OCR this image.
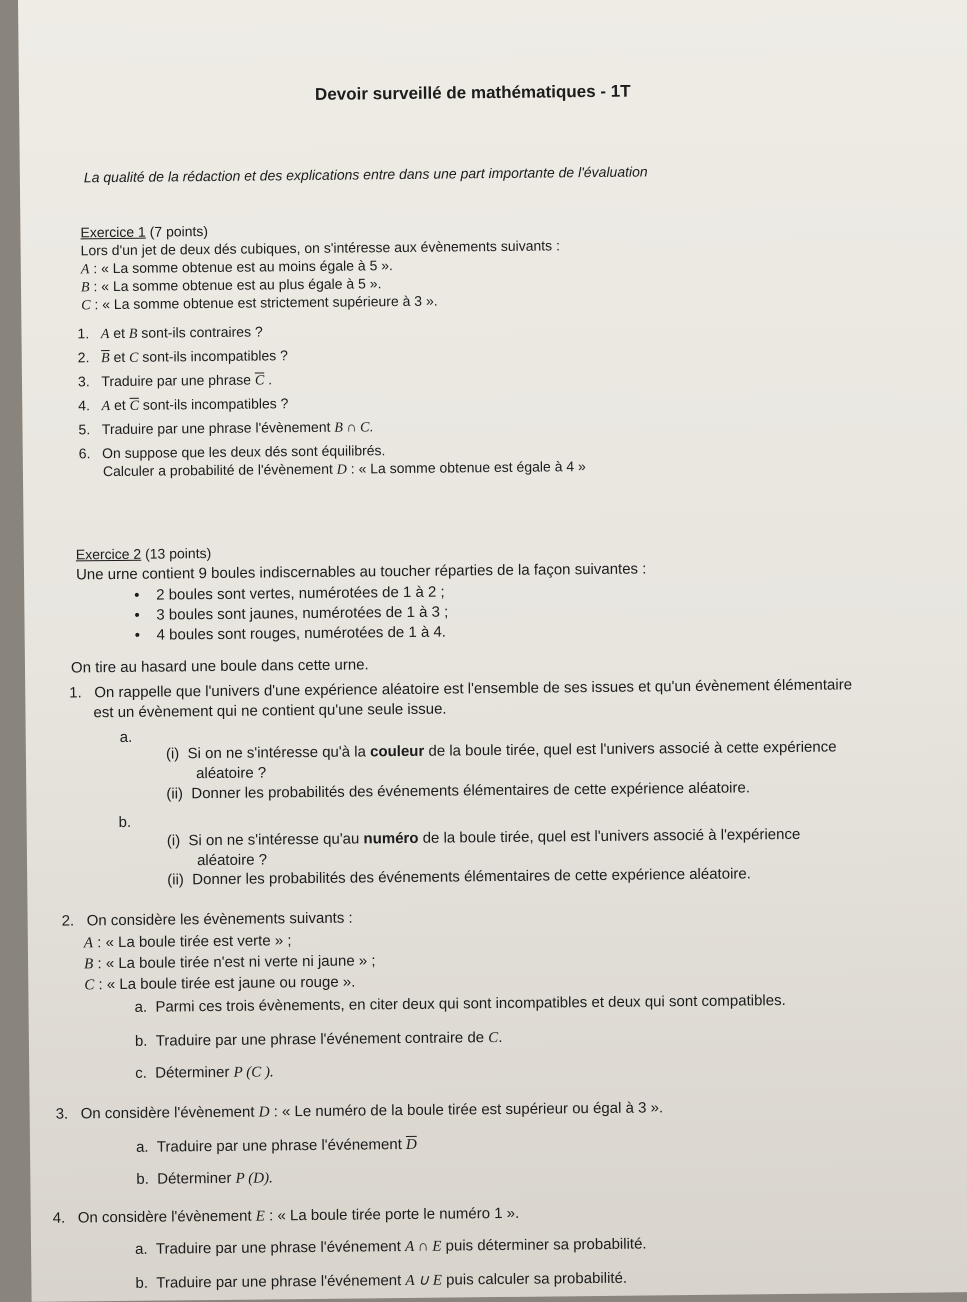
Devoir surveillé de mathématiques - 1T
La qualité de la rédaction et des explications entre dans une part importante de l'évaluation
Exercice 1 (7 points)
Lors d'un jet de deux dés cubiques, on s'intéresse aux évènements suivants :
A : « La somme obtenue est au moins égale à 5 ».
B : « La somme obtenue est au plus égale à 5 ».
C : « La somme obtenue est strictement supérieure à 3 ».
1. A et B sont-ils contraires ?
2. $\overline{B}$ et C sont-ils incompatibles ?
3. Traduire par une phrase $\overline{C}$ .
4. A et $\overline{C}$ sont-ils incompatibles ?
5. Traduire par une phrase l'évènement B ∩ C.
6. On suppose que les deux dés sont équilibrés.
Calculer a probabilité de l'évènement D : « La somme obtenue est égale à 4 »
Exercice 2 (13 points)
Une urne contient 9 boules indiscernables au toucher réparties de la façon suivantes :
•    2 boules sont vertes, numérotées de 1 à 2 ;
•    3 boules sont jaunes, numérotées de 1 à 3 ;
•    4 boules sont rouges, numérotées de 1 à 4.
On tire au hasard une boule dans cette urne.
1. On rappelle que l'univers d'une expérience aléatoire est l'ensemble de ses issues et qu'un évènement élémentaire
est un évènement qui ne contient qu'une seule issue.
a.
(i) Si on ne s'intéresse qu'à la couleur de la boule tirée, quel est l'univers associé à cette expérience
aléatoire ?
(ii) Donner les probabilités des événements élémentaires de cette expérience aléatoire.
b.
(i) Si on ne s'intéresse qu'au numéro de la boule tirée, quel est l'univers associé à l'expérience
aléatoire ?
(ii) Donner les probabilités des événements élémentaires de cette expérience aléatoire.
2. On considère les évènements suivants :
A : « La boule tirée est verte » ;
B : « La boule tirée n'est ni verte ni jaune » ;
C : « La boule tirée est jaune ou rouge ».
a. Parmi ces trois évènements, en citer deux qui sont incompatibles et deux qui sont compatibles.
b. Traduire par une phrase l'événement contraire de C.
c. Déterminer P (C ).
3. On considère l'évènement D : « Le numéro de la boule tirée est supérieur ou égal à 3 ».
a. Traduire par une phrase l'événement $\overline{D}$
b. Déterminer P (D).
4. On considère l'évènement E : « La boule tirée porte le numéro 1 ».
a. Traduire par une phrase l'événement A ∩ E puis déterminer sa probabilité.
b. Traduire par une phrase l'événement A ∪ E puis calculer sa probabilité.
